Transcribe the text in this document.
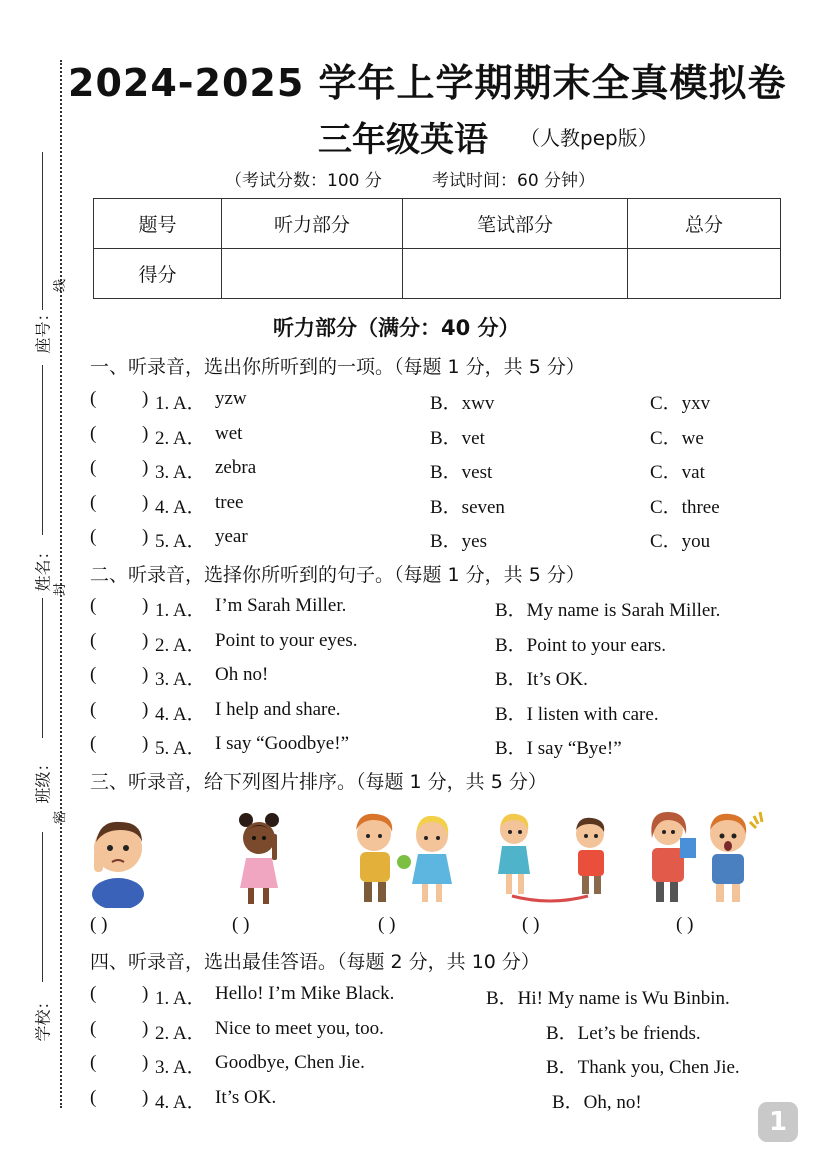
座号：
姓名：
班级：
学校：
线
封
密
2024-2025 学年上学期期末全真模拟卷
三年级英语 （人教pep版）
（考试分数：100 分	考试时间：60 分钟）
题号	听力部分	笔试部分	总分
得分			
听力部分（满分：40 分）
一、听录音，选出你所听到的一项。（每题 1 分，共 5 分）
( ) 1. A． yzw	B．xwv	C．yxv
( ) 2. A． wet	B．vet	C．we
( ) 3. A． zebra	B．vest	C．vat
( ) 4. A． tree	B．seven	C．three
( ) 5. A． year	B．yes	C．you
二、听录音，选择你所听到的句子。（每题 1 分，共 5 分）
( ) 1. A． I’m Sarah Miller.	B．My name is Sarah Miller.
( ) 2. A． Point to your eyes.	B．Point to your ears.
( ) 3. A． Oh no!	B．It’s OK.
( ) 4. A． I help and share.	B．I listen with care.
( ) 5. A． I say “Goodbye!”	B．I say “Bye!”
三、听录音，给下列图片排序。（每题 1 分，共 5 分）
( )	( )	( )	( )	( )
四、听录音，选出最佳答语。（每题 2 分，共 10 分）
( ) 1. A． Hello! I’m Mike Black.	B．Hi! My name is Wu Binbin.
( ) 2. A． Nice to meet you, too.	B．Let’s be friends.
( ) 3. A． Goodbye, Chen Jie.	B．Thank you, Chen Jie.
( ) 4. A． It’s OK.	B．Oh, no!
1
